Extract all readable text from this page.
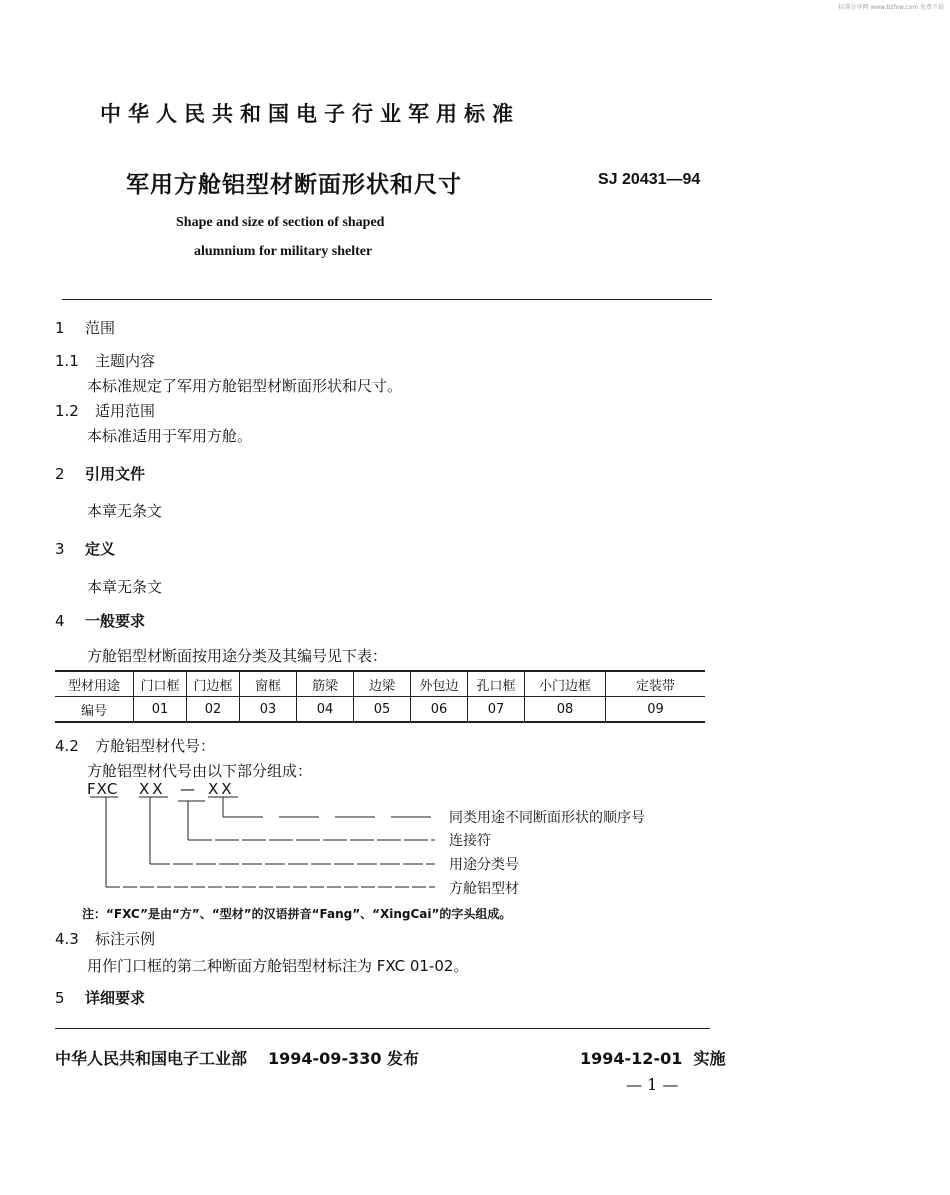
标准分享网 www.bzfxw.com 免费下载
中华人民共和国电子行业军用标准
军用方舱铝型材断面形状和尺寸	SJ 20431—94
Shape and size of section of shaped
alumnium for military shelter
1 范围
1.1 主题内容
本标准规定了军用方舱铝型材断面形状和尺寸。
1.2 适用范围
本标准适用于军用方舱。
2 引用文件
本章无条文
3 定义
本章无条文
4 一般要求
方舱铝型材断面按用途分类及其编号见下表：
型材用途	门口框	门边框	窗框	筋梁	边梁	外包边	孔口框	小门边框	定装带
编号	01	02	03	04	05	06	07	08	09
4.2 方舱铝型材代号：
方舱铝型材代号由以下部分组成：
FXC XX — XX
同类用途不同断面形状的顺序号
连接符
用途分类号
方舱铝型材
注：“FXC”是由“方”、“型材”的汉语拼音“Fang”、“XingCai”的字头组成。
4.3 标注示例
用作门口框的第二种断面方舱铝型材标注为 FXC 01-02。
5 详细要求
中华人民共和国电子工业部 1994-09-330 发布	1994-12-01 实施
— 1 —
